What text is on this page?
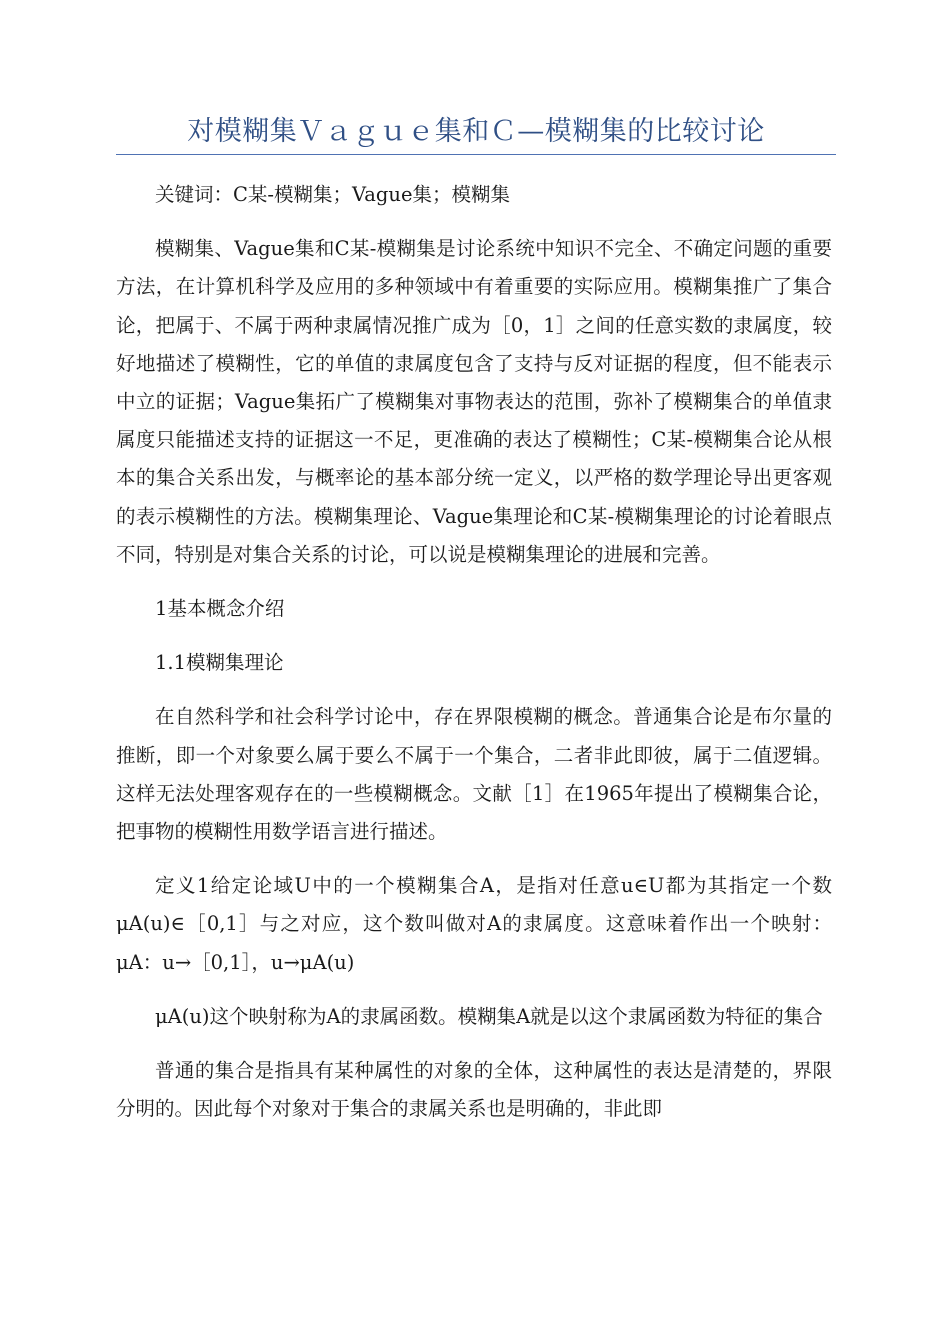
对模糊集Ｖａｇｕｅ集和Ｃ—模糊集的比较讨论

关键词：C某-模糊集；Vague集；模糊集

模糊集、Vague集和C某-模糊集是讨论系统中知识不完全、不确定问题的重要方法，在计算机科学及应用的多种领域中有着重要的实际应用。模糊集推广了集合论，把属于、不属于两种隶属情况推广成为［0，1］之间的任意实数的隶属度，较好地描述了模糊性，它的单值的隶属度包含了支持与反对证据的程度，但不能表示中立的证据；Vague集拓广了模糊集对事物表达的范围，弥补了模糊集合的单值隶属度只能描述支持的证据这一不足，更准确的表达了模糊性；C某-模糊集合论从根本的集合关系出发，与概率论的基本部分统一定义，以严格的数学理论导出更客观的表示模糊性的方法。模糊集理论、Vague集理论和C某-模糊集理论的讨论着眼点不同，特别是对集合关系的讨论，可以说是模糊集理论的进展和完善。

1基本概念介绍

1.1模糊集理论

在自然科学和社会科学讨论中，存在界限模糊的概念。普通集合论是布尔量的推断，即一个对象要么属于要么不属于一个集合，二者非此即彼，属于二值逻辑。这样无法处理客观存在的一些模糊概念。文献［1］在1965年提出了模糊集合论，把事物的模糊性用数学语言进行描述。

定义1给定论域U中的一个模糊集合A，是指对任意u∈U都为其指定一个数μA(u)∈［0,1］与之对应，这个数叫做对A的隶属度。这意味着作出一个映射：μA：u→［0,1］，u→μA(u)

μA(u)这个映射称为A的隶属函数。模糊集A就是以这个隶属函数为特征的集合

普通的集合是指具有某种属性的对象的全体，这种属性的表达是清楚的，界限分明的。因此每个对象对于集合的隶属关系也是明确的，非此即
